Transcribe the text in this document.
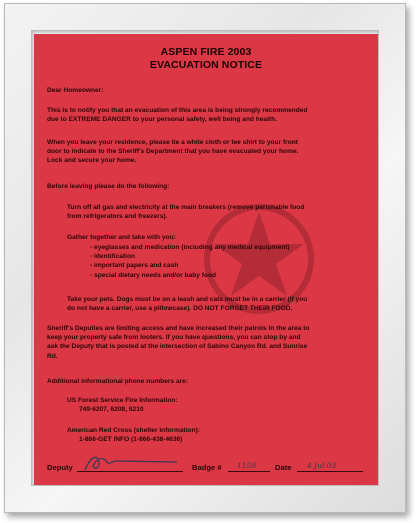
ASPEN FIRE 2003
EVACUATION NOTICE
Dear Homeowner:
This is to notify you that an evacuation of this area is being strongly recommended
due to EXTREME DANGER to your personal safety, well being and health.
When you leave your residence, please tie a white cloth or tee shirt to your front
door to indicate to the Sheriff's Department that you have evacuated your home.
Lock and secure your home.
Before leaving please do the following:
Turn off all gas and electricity at the main breakers (remove perishable food
from refrigerators and freezers).
Gather together and take with you:
- eyeglasses and medication (including any medical equipment)
- identification
- important papers and cash
- special dietary needs and/or baby food
Take your pets. Dogs must be on a leash and cats must be in a carrier (if you
do not have a carrier, use a pillowcase). DO NOT FORGET THEIR FOOD.
Sheriff's Deputies are limiting access and have increased their patrols in the area to
keep your property safe from looters. If you have questions, you can stop by and
ask the Deputy that is posted at the intersection of Sabino Canyon Rd. and Sunrise
Rd.
Additional informational phone numbers are:
US Forest Service Fire Information:
749-6207, 6208, 6210
American Red Cross (shelter information):
1-866-GET INFO (1-866-438-4636)
Deputy	Badge # 1158 Date 4 Jul 03
